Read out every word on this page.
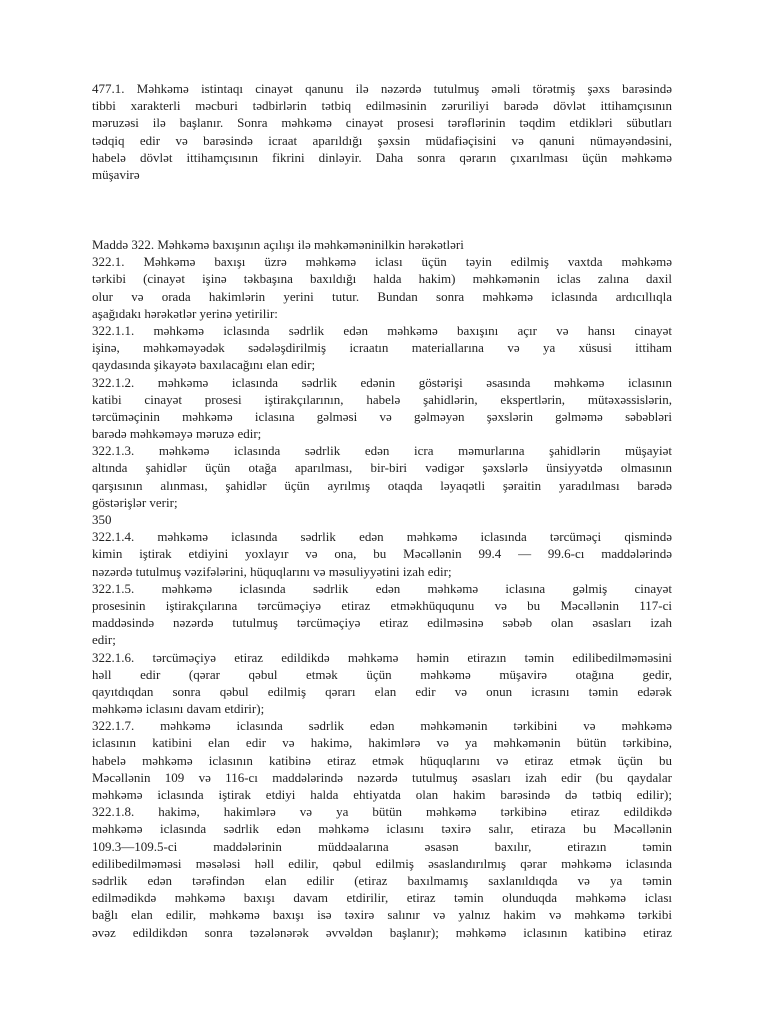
477.1. Məhkəmə istintaqı cinayət qanunu ilə nəzərdə tutulmuş əməli törətmiş şəxs barəsində
tibbi xarakterli məcburi tədbirlərin tətbiq edilməsinin zəruriliyi barədə dövlət ittihamçısının
məruzəsi ilə başlanır. Sonra məhkəmə cinayət prosesi tərəflərinin təqdim etdikləri sübutları
tədqiq edir və barəsində icraat aparıldığı şəxsin müdafiəçisini və qanuni nümayəndəsini,
habelə dövlət ittihamçısının fikrini dinləyir. Daha sonra qərarın çıxarılması üçün məhkəmə
müşavirə
Maddə 322. Məhkəmə baxışının açılışı ilə məhkəməninilkin hərəkətləri
322.1. Məhkəmə baxışı üzrə məhkəmə iclası üçün təyin edilmiş vaxtda məhkəmə
tərkibi (cinayət işinə təkbaşına baxıldığı halda hakim) məhkəmənin iclas zalına daxil
olur və orada hakimlərin yerini tutur. Bundan sonra məhkəmə iclasında ardıcıllıqla
aşağıdakı hərəkətlər yerinə yetirilir:
322.1.1. məhkəmə iclasında sədrlik edən məhkəmə baxışını açır və hansı cinayət
işinə, məhkəməyədək sədələşdirilmiş icraatın materiallarına və ya xüsusi ittiham
qaydasında şikayətə baxılacağını elan edir;
322.1.2. məhkəmə iclasında sədrlik edənin göstərişi əsasında məhkəmə iclasının
katibi cinayət prosesi iştirakçılarının, habelə şahidlərin, ekspertlərin, mütəxəssislərin,
tərcüməçinin məhkəmə iclasına gəlməsi və gəlməyən şəxslərin gəlməmə səbəbləri
barədə məhkəməyə məruzə edir;
322.1.3. məhkəmə iclasında sədrlik edən icra məmurlarına şahidlərin müşayiət
altında şahidlər üçün otağa aparılması, bir-biri vədigər şəxslərlə ünsiyyətdə olmasının
qarşısının alınması, şahidlər üçün ayrılmış otaqda ləyaqətli şəraitin yaradılması barədə
göstərişlər verir;
350
322.1.4. məhkəmə iclasında sədrlik edən məhkəmə iclasında tərcüməçi qismində
kimin iştirak etdiyini yoxlayır və ona, bu Məcəllənin 99.4 — 99.6-cı maddələrində
nəzərdə tutulmuş vəzifələrini, hüquqlarını və məsuliyyətini izah edir;
322.1.5. məhkəmə iclasında sədrlik edən məhkəmə iclasına gəlmiş cinayət
prosesinin iştirakçılarına tərcüməçiyə etiraz etməkhüququnu və bu Məcəllənin 117-ci
maddəsində nəzərdə tutulmuş tərcüməçiyə etiraz edilməsinə səbəb olan əsasları izah
edir;
322.1.6. tərcüməçiyə etiraz edildikdə məhkəmə həmin etirazın təmin edilibedilməməsini
həll edir (qərar qəbul etmək üçün məhkəmə müşavirə otağına gedir,
qayıtdıqdan sonra qəbul edilmiş qərarı elan edir və onun icrasını təmin edərək
məhkəmə iclasını davam etdirir);
322.1.7. məhkəmə iclasında sədrlik edən məhkəmənin tərkibini və məhkəmə
iclasının katibini elan edir və hakimə, hakimlərə və ya məhkəmənin bütün tərkibinə,
habelə məhkəmə iclasının katibinə etiraz etmək hüquqlarını və etiraz etmək üçün bu
Məcəllənin 109 və 116-cı maddələrində nəzərdə tutulmuş əsasları izah edir (bu qaydalar
məhkəmə iclasında iştirak etdiyi halda ehtiyatda olan hakim barəsində də tətbiq edilir);
322.1.8. hakimə, hakimlərə və ya bütün məhkəmə tərkibinə etiraz edildikdə
məhkəmə iclasında sədrlik edən məhkəmə iclasını təxirə salır, etiraza bu Məcəllənin
109.3—109.5-ci maddələrinin müddəalarına əsasən baxılır, etirazın təmin
edilibedilməməsi məsələsi həll edilir, qəbul edilmiş əsaslandırılmış qərar məhkəmə iclasında
sədrlik edən tərəfindən elan edilir (etiraz baxılmamış saxlanıldıqda və ya təmin
edilmədikdə məhkəmə baxışı davam etdirilir, etiraz təmin olunduqda məhkəmə iclası
bağlı elan edilir, məhkəmə baxışı isə təxirə salınır və yalnız hakim və məhkəmə tərkibi
əvəz edildikdən sonra təzələnərək əvvəldən başlanır); məhkəmə iclasının katibinə etiraz
